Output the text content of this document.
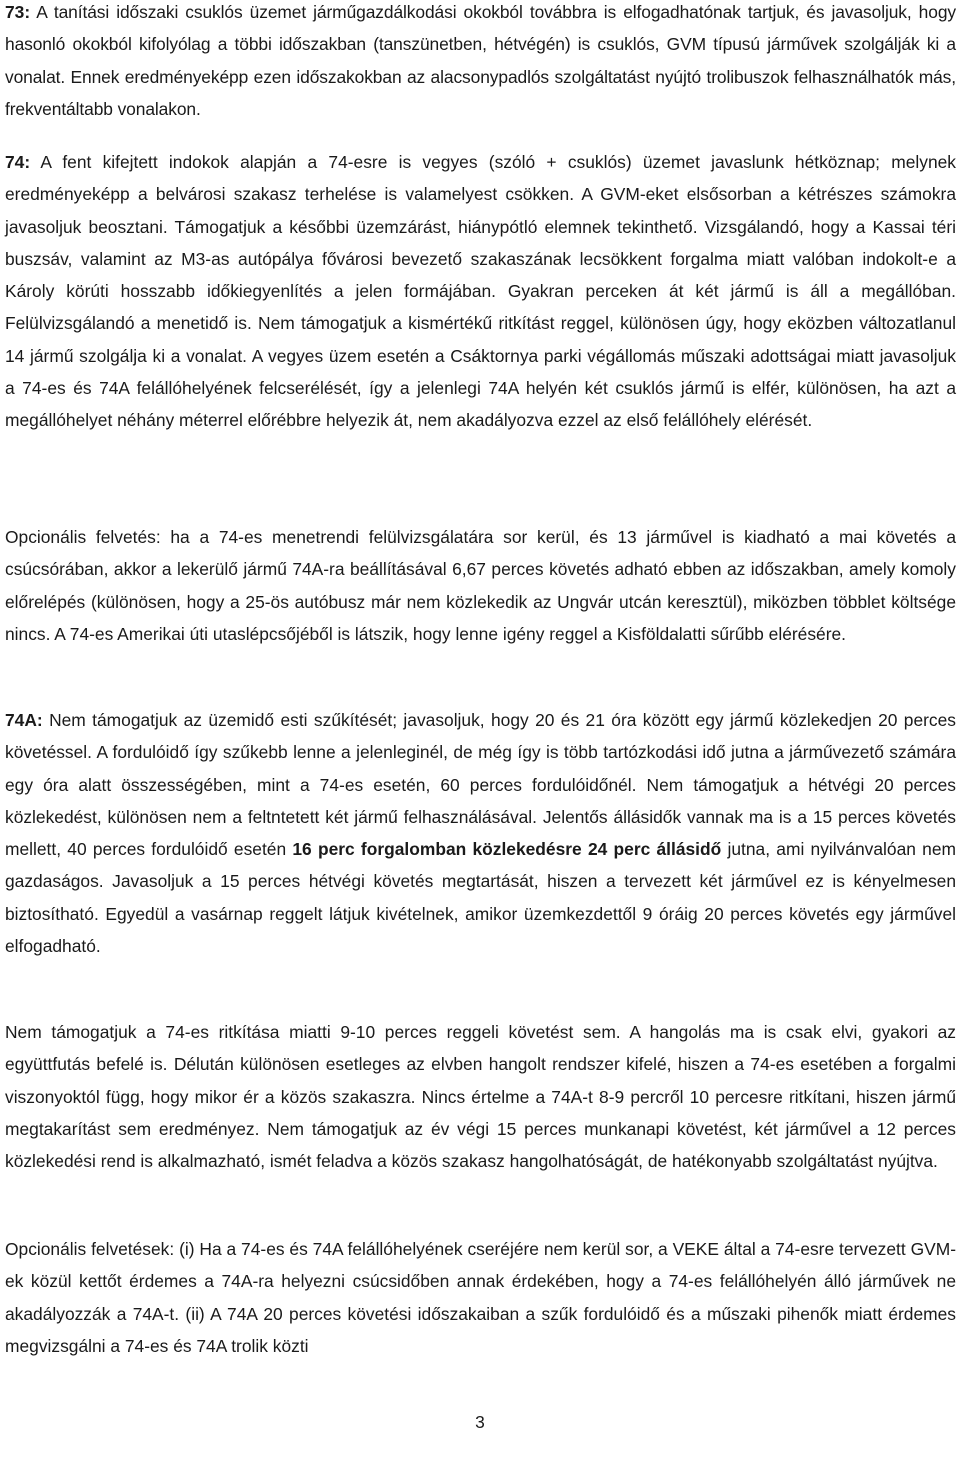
73: A tanítási időszaki csuklós üzemet járműgazdálkodási okokból továbbra is elfogadhatónak tartjuk, és javasoljuk, hogy hasonló okokból kifolyólag a többi időszakban (tanszünetben, hétvégén) is csuklós, GVM típusú járművek szolgálják ki a vonalat. Ennek eredményeképp ezen időszakokban az alacsonypadlós szolgáltatást nyújtó trolibuszok felhasználhatók más, frekventáltabb vonalakon.

74: A fent kifejtett indokok alapján a 74-esre is vegyes (szóló + csuklós) üzemet javaslunk hétköznap; melynek eredményeképp a belvárosi szakasz terhelése is valamelyest csökken. A GVM-eket elsősorban a kétrészes számokra javasoljuk beosztani. Támogatjuk a későbbi üzemzárást, hiánypótló elemnek tekinthető. Vizsgálandó, hogy a Kassai téri buszsáv, valamint az M3-as autópálya fővárosi bevezető szakaszának lecsökkent forgalma miatt valóban indokolt-e a Károly körúti hosszabb időkiegyenlítés a jelen formájában. Gyakran perceken át két jármű is áll a megállóban. Felülvizsgálandó a menetidő is. Nem támogatjuk a kismértékű ritkítást reggel, különösen úgy, hogy eközben változatlanul 14 jármű szolgálja ki a vonalat. A vegyes üzem esetén a Csáktornya parki végállomás műszaki adottságai miatt javasoljuk a 74-es és 74A felállóhelyének felcserélését, így a jelenlegi 74A helyén két csuklós jármű is elfér, különösen, ha azt a megállóhelyet néhány méterrel előrébbre helyezik át, nem akadályozva ezzel az első felállóhely elérését.

Opcionális felvetés: ha a 74-es menetrendi felülvizsgálatára sor kerül, és 13 járművel is kiadható a mai követés a csúcsórában, akkor a lekerülő jármű 74A-ra beállításával 6,67 perces követés adható ebben az időszakban, amely komoly előrelépés (különösen, hogy a 25-ös autóbusz már nem közlekedik az Ungvár utcán keresztül), miközben többlet költsége nincs. A 74-es Amerikai úti utaslépcsőjéből is látszik, hogy lenne igény reggel a Kisföldalatti sűrűbb elérésére.

74A: Nem támogatjuk az üzemidő esti szűkítését; javasoljuk, hogy 20 és 21 óra között egy jármű közlekedjen 20 perces követéssel. A fordulóidő így szűkebb lenne a jelenleginél, de még így is több tartózkodási idő jutna a járművezető számára egy óra alatt összességében, mint a 74-es esetén, 60 perces fordulóidőnél. Nem támogatjuk a hétvégi 20 perces közlekedést, különösen nem a feltntetett két jármű felhasználásával. Jelentős állásidők vannak ma is a 15 perces követés mellett, 40 perces fordulóidő esetén 16 perc forgalomban közlekedésre 24 perc állásidő jutna, ami nyilvánvalóan nem gazdaságos. Javasoljuk a 15 perces hétvégi követés megtartását, hiszen a tervezett két járművel ez is kényelmesen biztosítható. Egyedül a vasárnap reggelt látjuk kivételnek, amikor üzemkezdettől 9 óráig 20 perces követés egy járművel elfogadható.

Nem támogatjuk a 74-es ritkítása miatti 9-10 perces reggeli követést sem. A hangolás ma is csak elvi, gyakori az együttfutás befelé is. Délután különösen esetleges az elvben hangolt rendszer kifelé, hiszen a 74-es esetében a forgalmi viszonyoktól függ, hogy mikor ér a közös szakaszra. Nincs értelme a 74A-t 8-9 percről 10 percesre ritkítani, hiszen jármű megtakarítást sem eredményez. Nem támogatjuk az év végi 15 perces munkanapi követést, két járművel a 12 perces közlekedési rend is alkalmazható, ismét feladva a közös szakasz hangolhatóságát, de hatékonyabb szolgáltatást nyújtva.

Opcionális felvetések: (i) Ha a 74-es és 74A felállóhelyének cseréjére nem kerül sor, a VEKE által a 74-esre tervezett GVM-ek közül kettőt érdemes a 74A-ra helyezni csúcsidőben annak érdekében, hogy a 74-es felállóhelyén álló járművek ne akadályozzák a 74A-t. (ii) A 74A 20 perces követési időszakaiban a szűk fordulóidő és a műszaki pihenők miatt érdemes megvizsgálni a 74-es és 74A trolik közti

3
